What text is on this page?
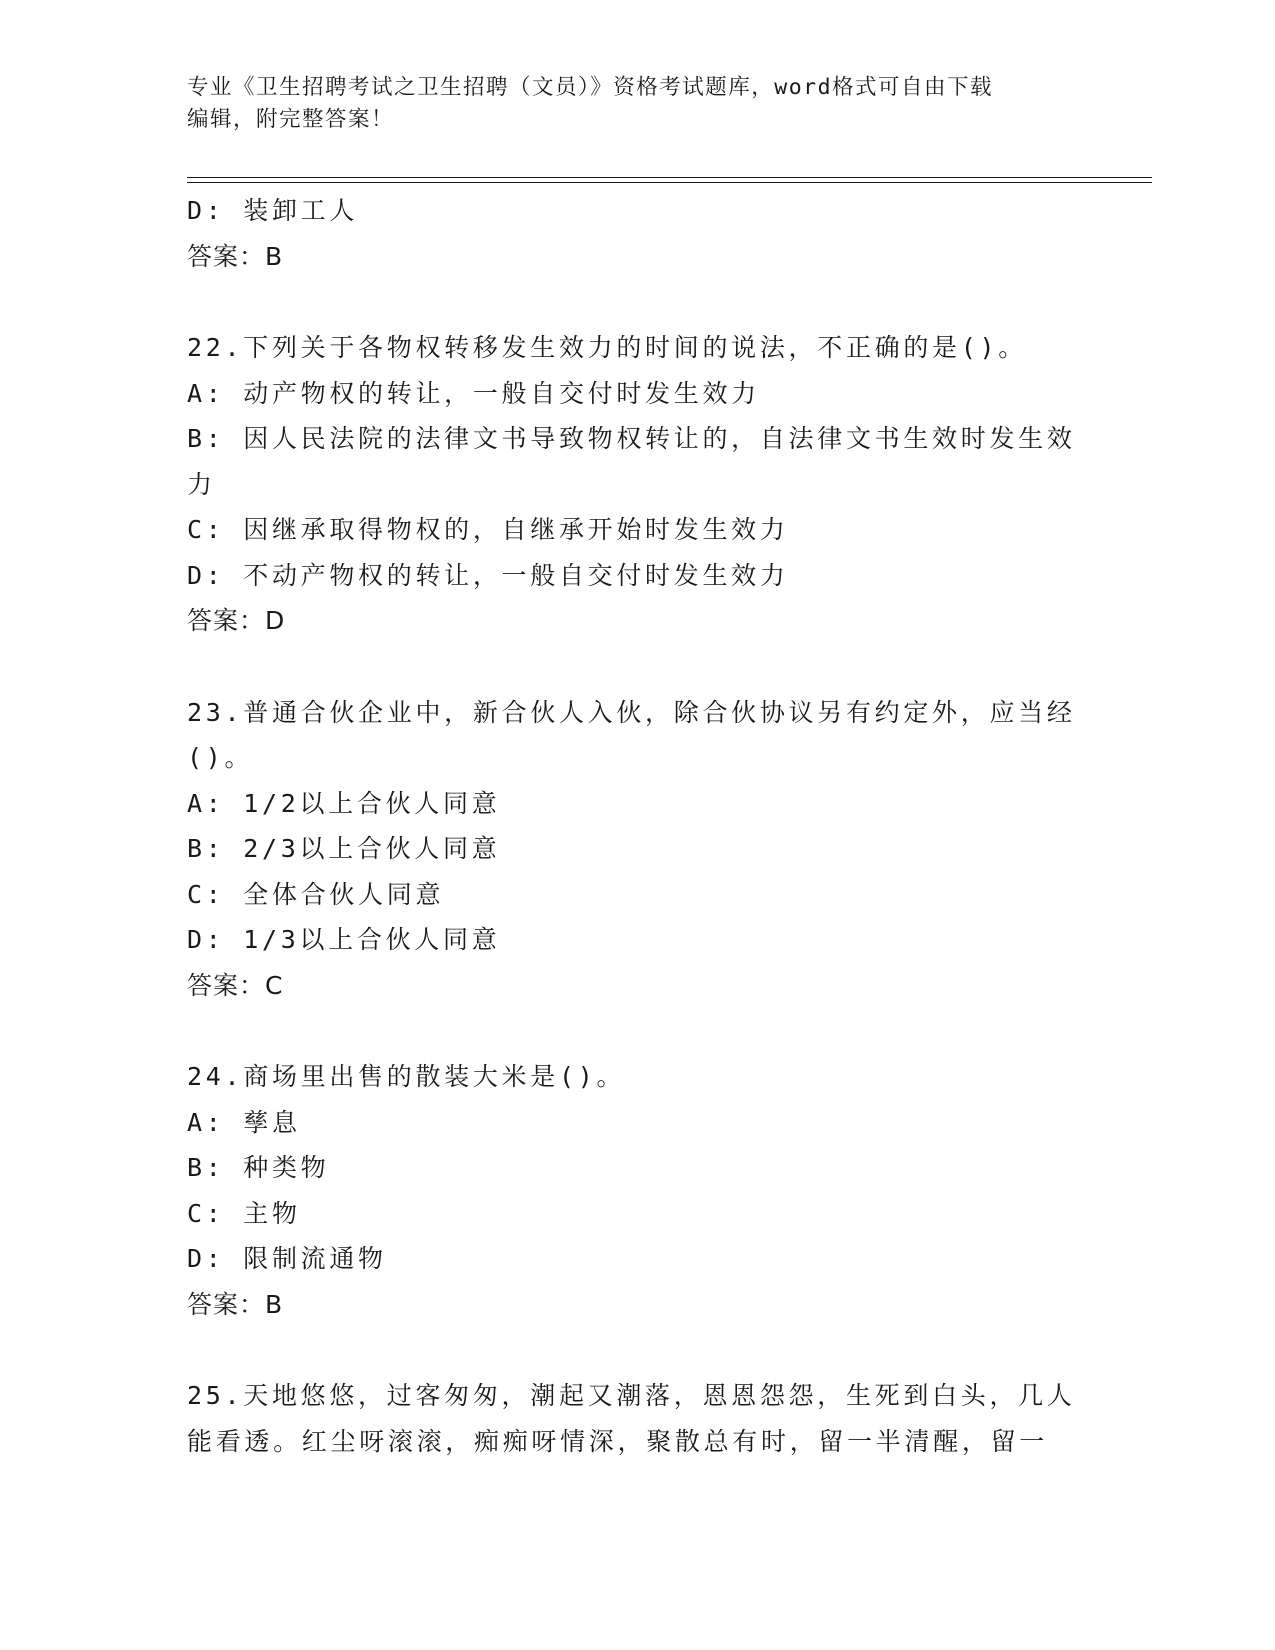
专业《卫生招聘考试之卫生招聘（文员）》资格考试题库，word格式可自由下载
编辑，附完整答案！
D: 装卸工人
答案：B
22.下列关于各物权转移发生效力的时间的说法，不正确的是()。
A: 动产物权的转让，一般自交付时发生效力
B: 因人民法院的法律文书导致物权转让的，自法律文书生效时发生效
力
C: 因继承取得物权的，自继承开始时发生效力
D: 不动产物权的转让，一般自交付时发生效力
答案：D
23.普通合伙企业中，新合伙人入伙，除合伙协议另有约定外，应当经
()。
A: 1/2以上合伙人同意
B: 2/3以上合伙人同意
C: 全体合伙人同意
D: 1/3以上合伙人同意
答案：C
24.商场里出售的散装大米是()。
A: 孳息
B: 种类物
C: 主物
D: 限制流通物
答案：B
25.天地悠悠，过客匆匆，潮起又潮落，恩恩怨怨，生死到白头，几人
能看透。红尘呀滚滚，痴痴呀情深，聚散总有时，留一半清醒，留一
